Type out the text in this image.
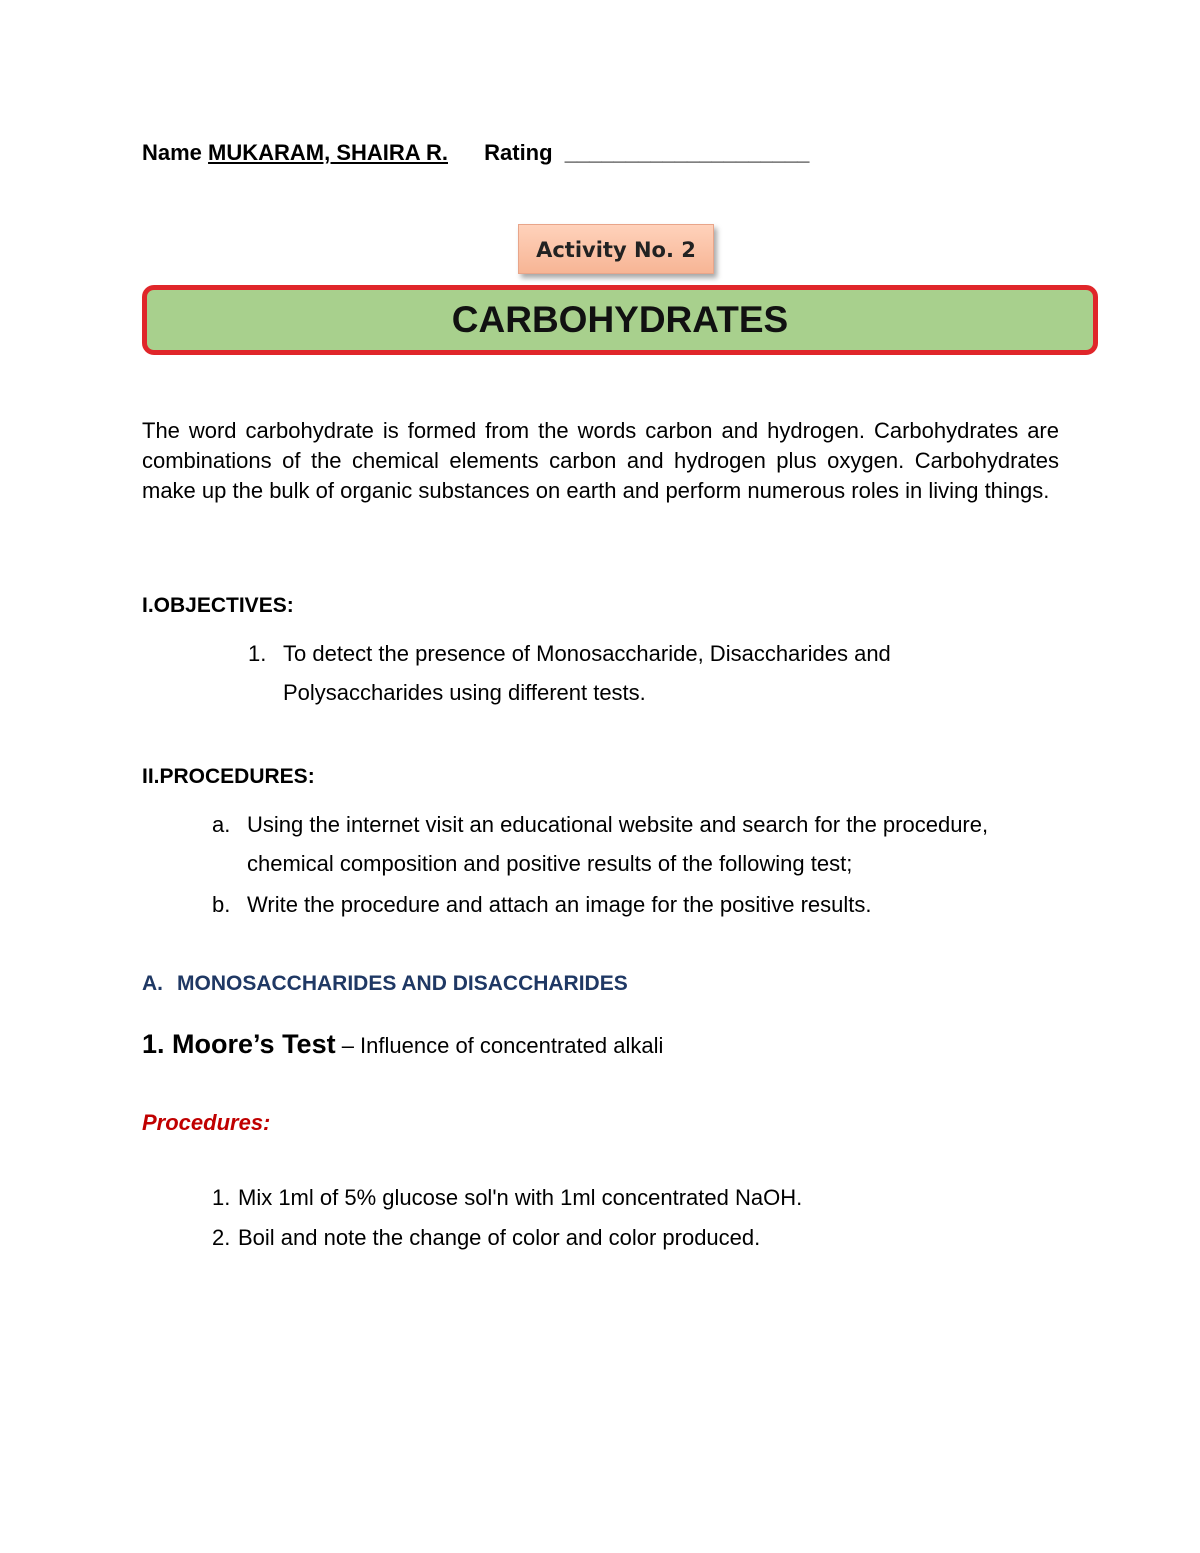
Name MUKARAM, SHAIRA R. Rating ____________________
Activity No. 2
CARBOHYDRATES
The word carbohydrate is formed from the words carbon and hydrogen. Carbohydrates are combinations of the chemical elements carbon and hydrogen plus oxygen. Carbohydrates make up the bulk of organic substances on earth and perform numerous roles in living things.
I.OBJECTIVES:
1. To detect the presence of Monosaccharide, Disaccharides and
Polysaccharides using different tests.
II.PROCEDURES:
a. Using the internet visit an educational website and search for the procedure,
chemical composition and positive results of the following test;
b. Write the procedure and attach an image for the positive results.
A. MONOSACCHARIDES AND DISACCHARIDES
1. Moore’s Test – Influence of concentrated alkali
Procedures:
1. Mix 1ml of 5% glucose sol'n with 1ml concentrated NaOH.
2. Boil and note the change of color and color produced.
